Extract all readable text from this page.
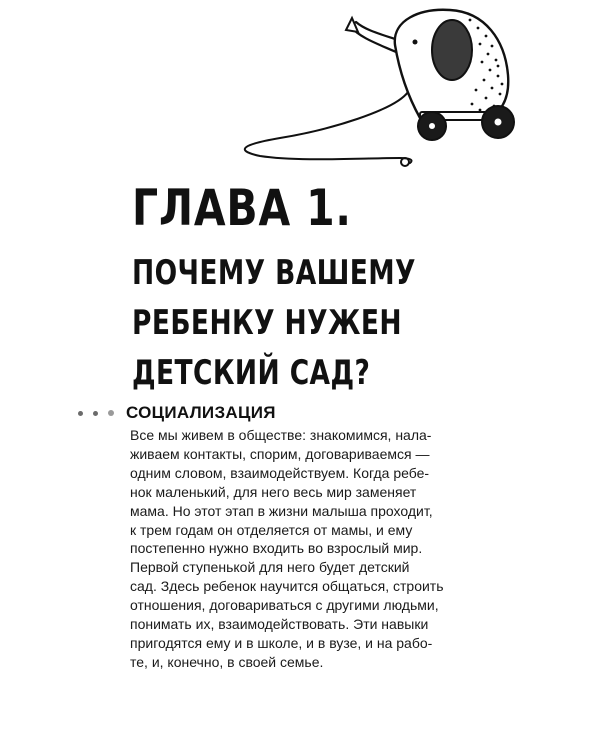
ГЛАВА 1.
ПОЧЕМУ ВАШЕМУ
РЕБЕНКУ НУЖЕН
ДЕТСКИЙ САД?
СОЦИАЛИЗАЦИЯ

Все мы живем в обществе: знакомимся, нала-
живаем контакты, спорим, договариваемся —
одним словом, взаимодействуем. Когда ребе-
нок маленький, для него весь мир заменяет
мама. Но этот этап в жизни малыша проходит,
к трем годам он отделяется от мамы, и ему
постепенно нужно входить во взрослый мир.
Первой ступенькой для него будет детский
сад. Здесь ребенок научится общаться, строить
отношения, договариваться с другими людьми,
понимать их, взаимодействовать. Эти навыки
пригодятся ему и в школе, и в вузе, и на рабо-
те, и, конечно, в своей семье.
